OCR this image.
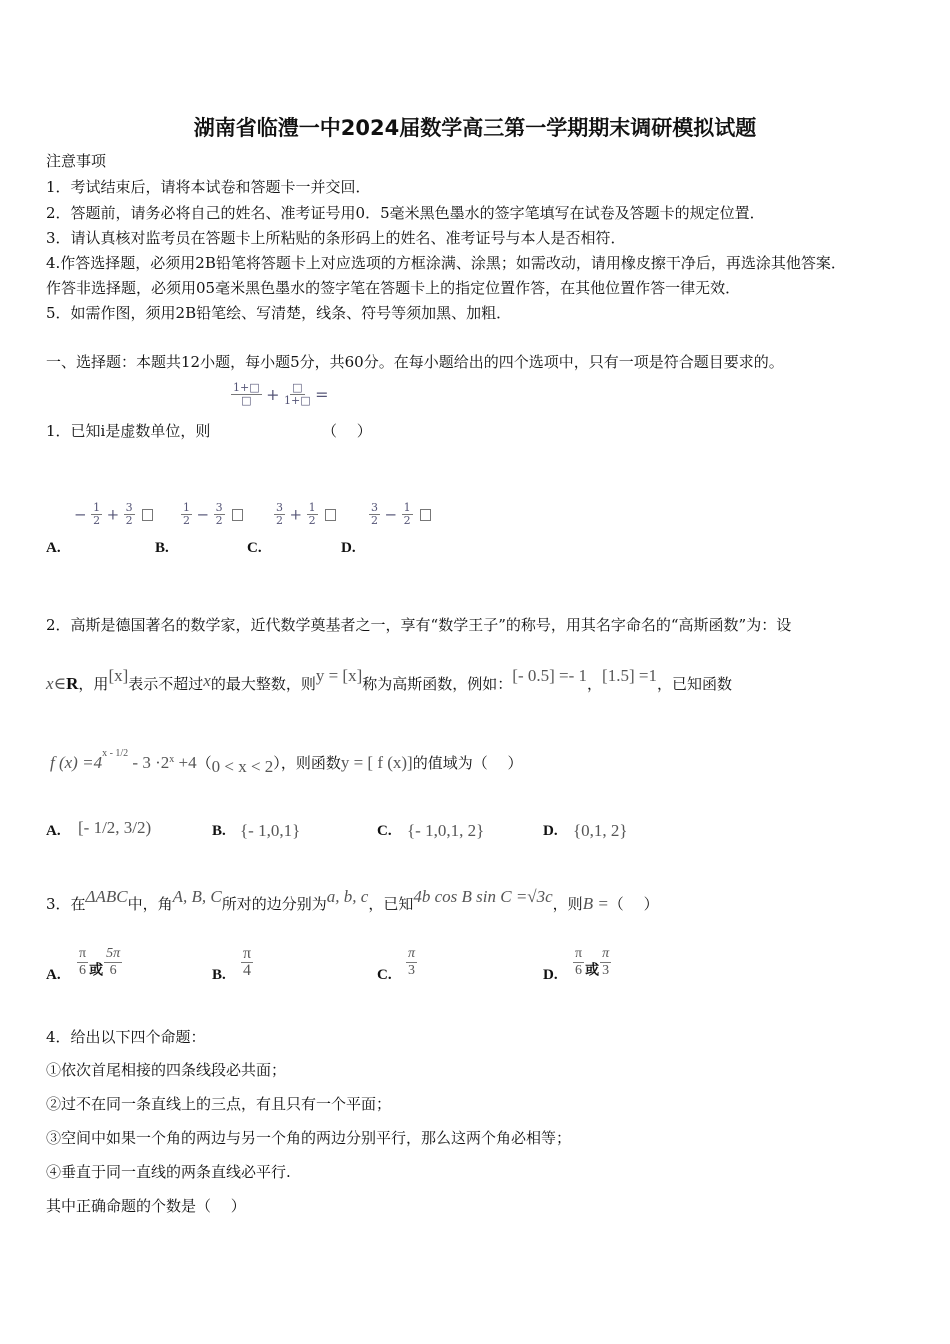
湖南省临澧一中2024届数学高三第一学期期末调研模拟试题
注意事项
1．考试结束后，请将本试卷和答题卡一并交回．
2．答题前，请务必将自己的姓名、准考证号用0．5毫米黑色墨水的签字笔填写在试卷及答题卡的规定位置．
3．请认真核对监考员在答题卡上所粘贴的条形码上的姓名、准考证号与本人是否相符．
4.作答选择题，必须用2B铅笔将答题卡上对应选项的方框涂满、涂黑；如需改动，请用橡皮擦干净后，再选涂其他答案．
作答非选择题，必须用05毫米黑色墨水的签字笔在答题卡上的指定位置作答，在其他位置作答一律无效．
5．如需作图，须用2B铅笔绘、写清楚，线条、符号等须加黑、加粗．
一、选择题：本题共12小题，每小题5分，共60分。在每小题给出的四个选项中，只有一项是符合题目要求的。
$\frac{1+□}{□} + \frac{□}{1+□}$ =
1．已知i是虚数单位，则	（　 ）
− $\frac{1}{2} + \frac{3}{2}$
	$\frac{1}{2} - \frac{3}{2}$
	$\frac{3}{2} + \frac{1}{2}$
	$\frac{3}{2} - \frac{1}{2}$

A.	B.	C.	D.
2．高斯是德国著名的数学家，近代数学奠基者之一，享有“数学王子”的称号，用其名字命名的“高斯函数”为：设
x∈R，用[x]表示不超过x的最大整数，则y = [x]称为高斯函数，例如：[- 0.5] =- 1，[1.5] =1，已知函数
f $(x) =4^{x - 1/2} - 3 \cdot 2^x +4(0 < x < 2)$，则函数y = [ f (x)]的值域为（　 ）
A. [- 1/2, 3/2)	B. {- 1,0,1}	C. {- 1,0,1, 2}	D. {0,1, 2}
3．在ΔABC中，角A, B, C所对的边分别为a, b, c，已知4b cos B sin C =√3c，则B =（　 ）
A. $\frac{\pi}{6}$ 或 $\frac{5\pi}{6}$	B. $\frac{\pi}{4}$	C. $\frac{\pi}{3}$	D. $\frac{\pi}{6}$ 或 $\frac{\pi}{3}$
4．给出以下四个命题：
①依次首尾相接的四条线段必共面；
②过不在同一条直线上的三点，有且只有一个平面；
③空间中如果一个角的两边与另一个角的两边分别平行，那么这两个角必相等；
④垂直于同一直线的两条直线必平行.
其中正确命题的个数是（　 ）
